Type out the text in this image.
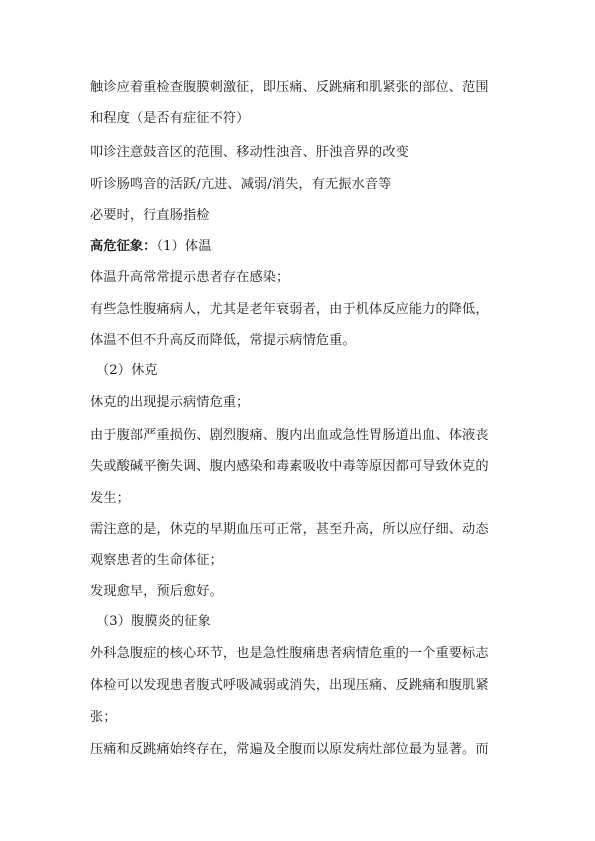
触诊应着重检查腹膜刺激征，即压痛、反跳痛和肌紧张的部位、范围
和程度（是否有症征不符）
叩诊注意鼓音区的范围、移动性浊音、肝浊音界的改变
听诊肠鸣音的活跃/亢进、减弱/消失，有无振水音等
必要时，行直肠指检
高危征象：（1）体温
体温升高常常提示患者存在感染；
有些急性腹痛病人，尤其是老年衰弱者，由于机体反应能力的降低，
体温不但不升高反而降低，常提示病情危重。
（2）休克
休克的出现提示病情危重；
由于腹部严重损伤、剧烈腹痛、腹内出血或急性胃肠道出血、体液丧
失或酸碱平衡失调、腹内感染和毒素吸收中毒等原因都可导致休克的
发生；
需注意的是，休克的早期血压可正常，甚至升高，所以应仔细、动态
观察患者的生命体征；
发现愈早，预后愈好。
（3）腹膜炎的征象
外科急腹症的核心环节，也是急性腹痛患者病情危重的一个重要标志
体检可以发现患者腹式呼吸减弱或消失，出现压痛、反跳痛和腹肌紧
张；
压痛和反跳痛始终存在，常遍及全腹而以原发病灶部位最为显著。而
